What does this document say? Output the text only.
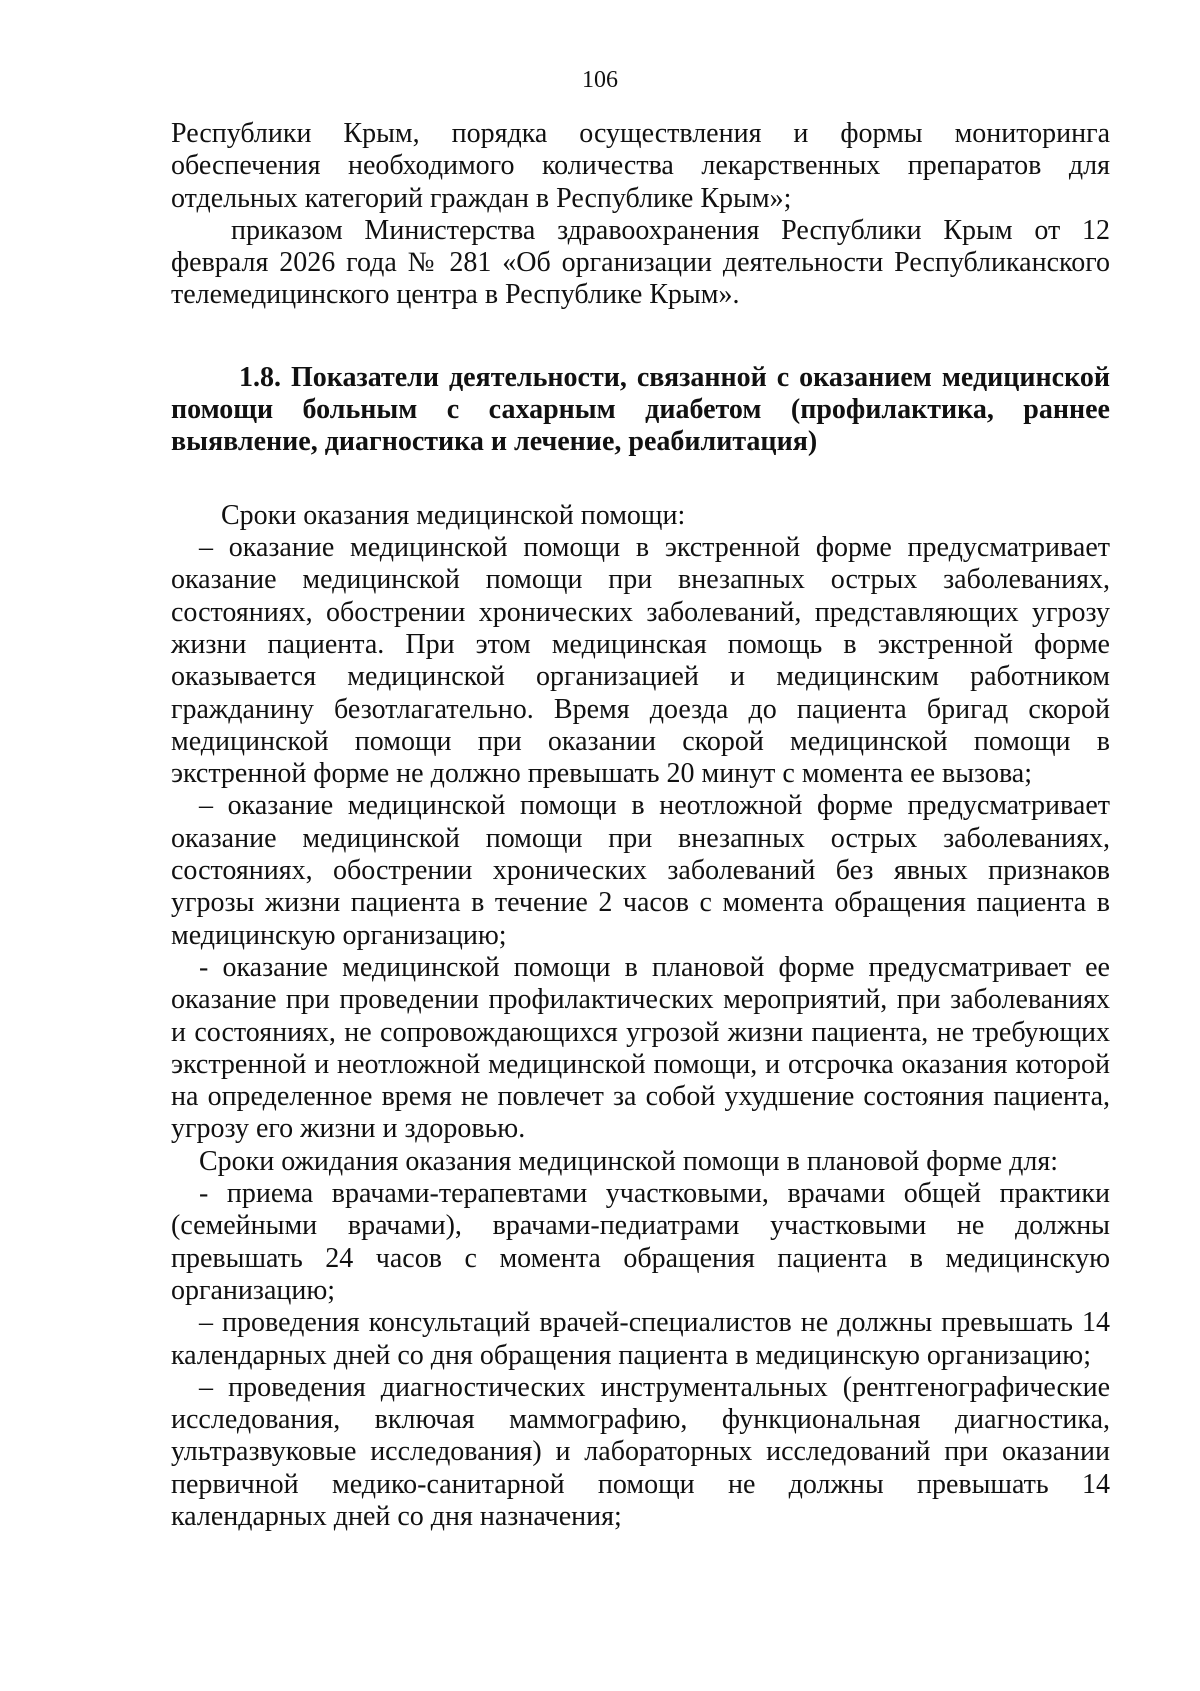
106

Республики Крым, порядка осуществления и формы мониторинга обеспечения необходимого количества лекарственных препаратов для отдельных категорий граждан в Республике Крым»;

приказом Министерства здравоохранения Республики Крым от 12 февраля 2026 года № 281 «Об организации деятельности Республиканского телемедицинского центра в Республике Крым».

1.8. Показатели деятельности, связанной с оказанием медицинской помощи больным с сахарным диабетом (профилактика, раннее выявление, диагностика и лечение, реабилитация)

Сроки оказания медицинской помощи:

– оказание медицинской помощи в экстренной форме предусматривает оказание медицинской помощи при внезапных острых заболеваниях, состояниях, обострении хронических заболеваний, представляющих угрозу жизни пациента. При этом медицинская помощь в экстренной форме оказывается медицинской организацией и медицинским работником гражданину безотлагательно. Время доезда до пациента бригад скорой медицинской помощи при оказании скорой медицинской помощи в экстренной форме не должно превышать 20 минут с момента ее вызова;

– оказание медицинской помощи в неотложной форме предусматривает оказание медицинской помощи при внезапных острых заболеваниях, состояниях, обострении хронических заболеваний без явных признаков угрозы жизни пациента в течение 2 часов с момента обращения пациента в медицинскую организацию;

- оказание медицинской помощи в плановой форме предусматривает ее оказание при проведении профилактических мероприятий, при заболеваниях и состояниях, не сопровождающихся угрозой жизни пациента, не требующих экстренной и неотложной медицинской помощи, и отсрочка оказания которой на определенное время не повлечет за собой ухудшение состояния пациента, угрозу его жизни и здоровью.

Сроки ожидания оказания медицинской помощи в плановой форме для:

- приема врачами-терапевтами участковыми, врачами общей практики (семейными врачами), врачами-педиатрами участковыми не должны превышать 24 часов с момента обращения пациента в медицинскую организацию;

– проведения консультаций врачей-специалистов не должны превышать 14 календарных дней со дня обращения пациента в медицинскую организацию;

– проведения диагностических инструментальных (рентгенографические исследования, включая маммографию, функциональная диагностика, ультразвуковые исследования) и лабораторных исследований при оказании первичной медико-санитарной помощи не должны превышать 14 календарных дней со дня назначения;
